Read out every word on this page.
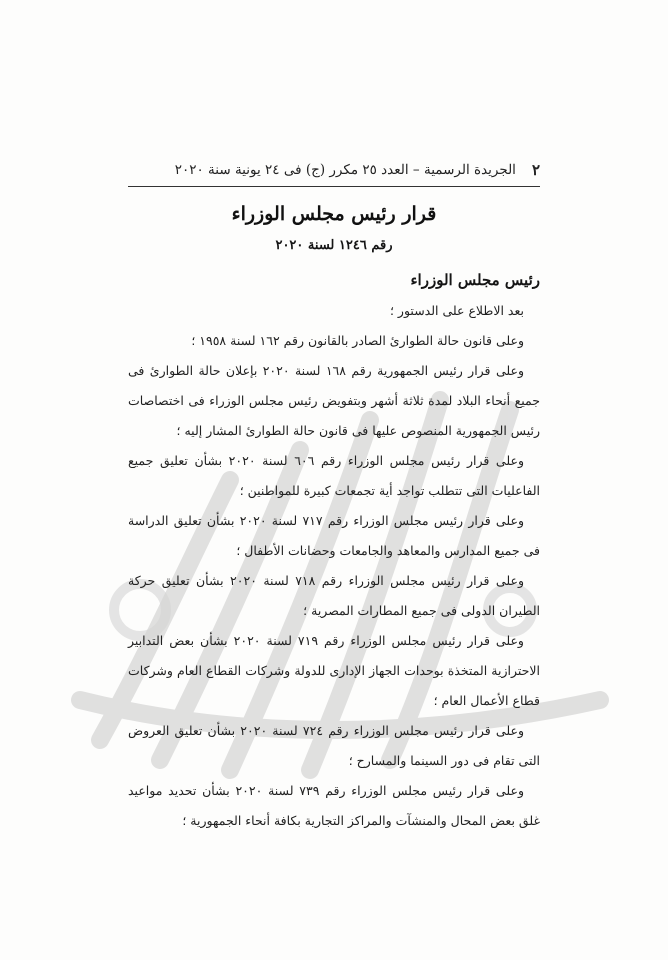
٢
الجريدة الرسمية – العدد ٢٥ مكرر (ج) فى ٢٤ يونية سنة ٢٠٢٠
قرار رئيس مجلس الوزراء
رقم ١٢٤٦ لسنة ٢٠٢٠
رئيس مجلس الوزراء

بعد الاطلاع على الدستور ؛

وعلى قانون حالة الطوارئ الصادر بالقانون رقم ١٦٢ لسنة ١٩٥٨ ؛

وعلى قرار رئيس الجمهورية رقم ١٦٨ لسنة ٢٠٢٠ بإعلان حالة الطوارئ فى جميع أنحاء البلاد لمدة ثلاثة أشهر وبتفويض رئيس مجلس الوزراء فى اختصاصات رئيس الجمهورية المنصوص عليها فى قانون حالة الطوارئ المشار إليه ؛

وعلى قرار رئيس مجلس الوزراء رقم ٦٠٦ لسنة ٢٠٢٠ بشأن تعليق جميع الفاعليات التى تتطلب تواجد أية تجمعات كبيرة للمواطنين ؛

وعلى قرار رئيس مجلس الوزراء رقم ٧١٧ لسنة ٢٠٢٠ بشأن تعليق الدراسة فى جميع المدارس والمعاهد والجامعات وحضانات الأطفال ؛

وعلى قرار رئيس مجلس الوزراء رقم ٧١٨ لسنة ٢٠٢٠ بشأن تعليق حركة الطيران الدولى فى جميع المطارات المصرية ؛

وعلى قرار رئيس مجلس الوزراء رقم ٧١٩ لسنة ٢٠٢٠ بشأن بعض التدابير الاحترازية المتخذة بوحدات الجهاز الإدارى للدولة وشركات القطاع العام وشركات قطاع الأعمال العام ؛

وعلى قرار رئيس مجلس الوزراء رقم ٧٢٤ لسنة ٢٠٢٠ بشأن تعليق العروض التى تقام فى دور السينما والمسارح ؛

وعلى قرار رئيس مجلس الوزراء رقم ٧٣٩ لسنة ٢٠٢٠ بشأن تحديد مواعيد غلق بعض المحال والمنشآت والمراكز التجارية بكافة أنحاء الجمهورية ؛
